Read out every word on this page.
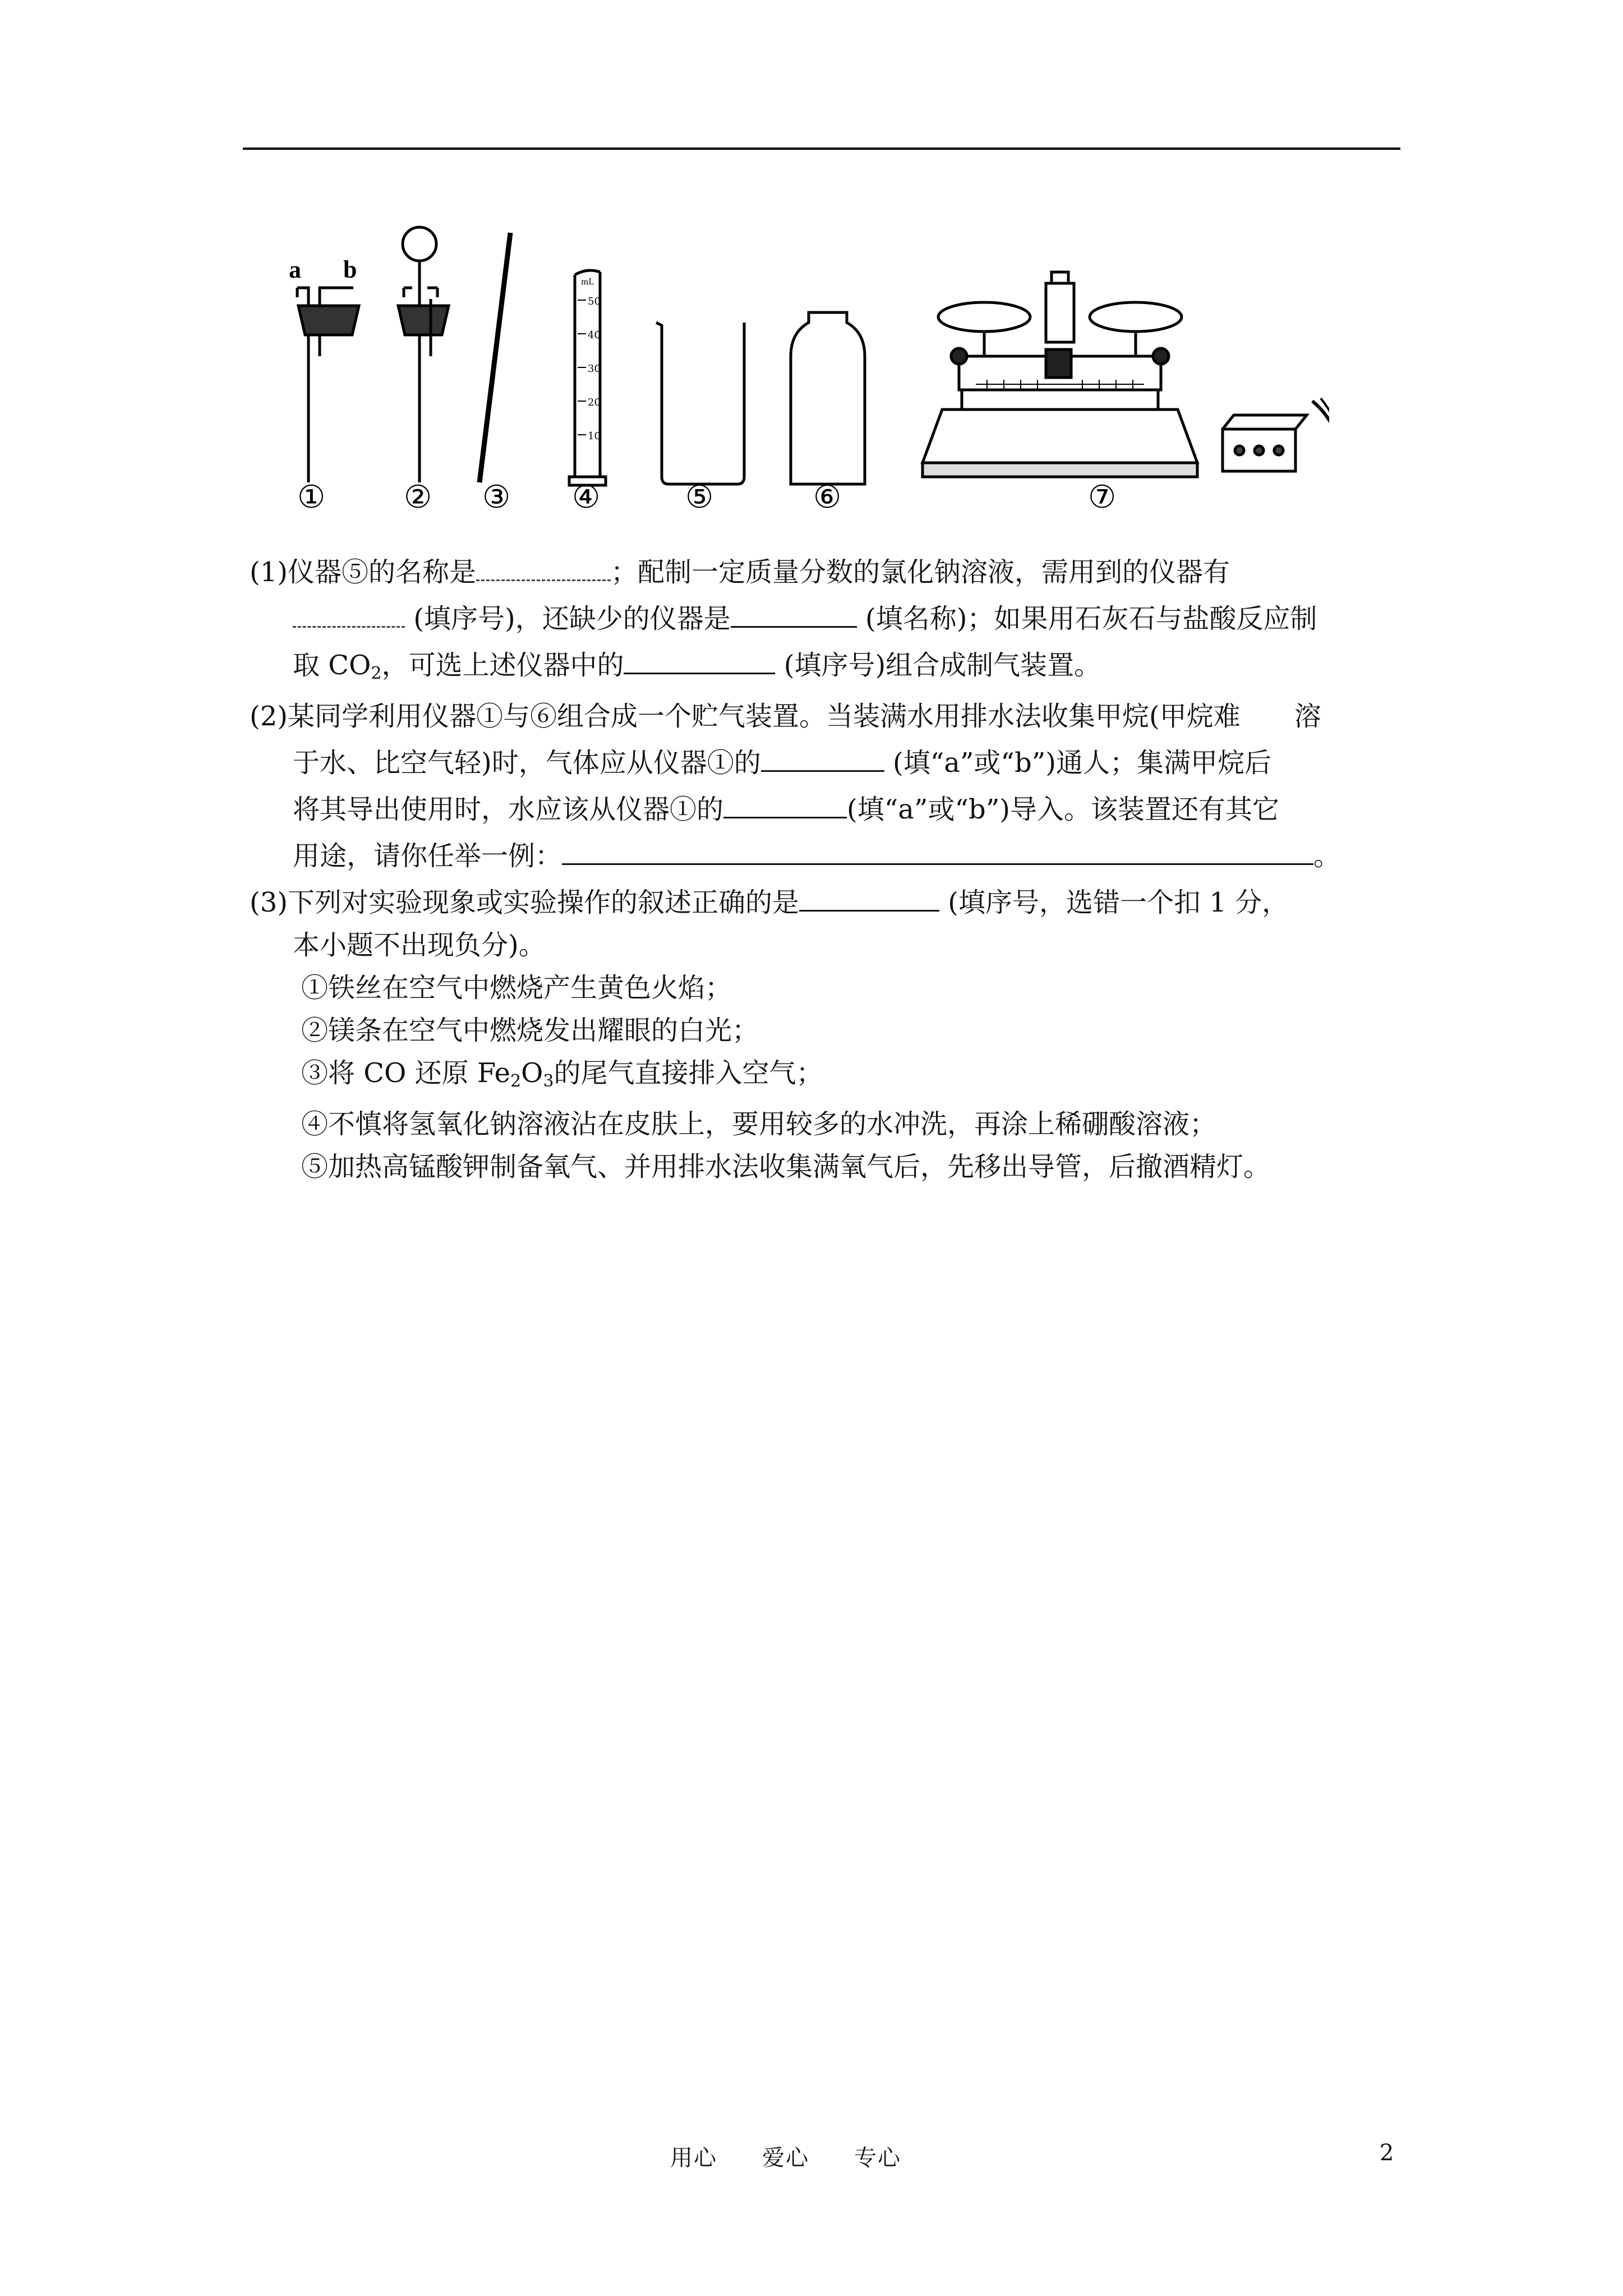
a b
50
40
30
20
10
mL
① ② ③ ④	⑤	⑥	⑦

(1)仪器⑤的名称是	；配制一定质量分数的氯化钠溶液，需用到的仪器有

(填序号)，还缺少的仪器是	(填名称)；如果用石灰石与盐酸反应制

取 $CO_2$，可选上述仪器中的	(填序号)组合成制气装置。

(2)某同学利用仪器①与⑥组合成一个贮气装置。当装满水用排水法收集甲烷(甲烷难　　溶

于水、比空气轻)时，气体应从仪器①的	(填“a”或“b”)通人；集满甲烷后

将其导出使用时，水应该从仪器①的	(填“a”或“b”)导入。该装置还有其它

用途，请你任举一例：	。

(3)下列对实验现象或实验操作的叙述正确的是	(填序号，选错一个扣 1 分，

本小题不出现负分)。

①铁丝在空气中燃烧产生黄色火焰；

②镁条在空气中燃烧发出耀眼的白光；

③将 CO 还原 $Fe_2O_3$的尾气直接排入空气；

④不慎将氢氧化钠溶液沾在皮肤上，要用较多的水冲洗，再涂上稀硼酸溶液；

⑤加热高锰酸钾制备氧气、并用排水法收集满氧气后，先移出导管，后撤酒精灯。

用心 爱心 专心	2
